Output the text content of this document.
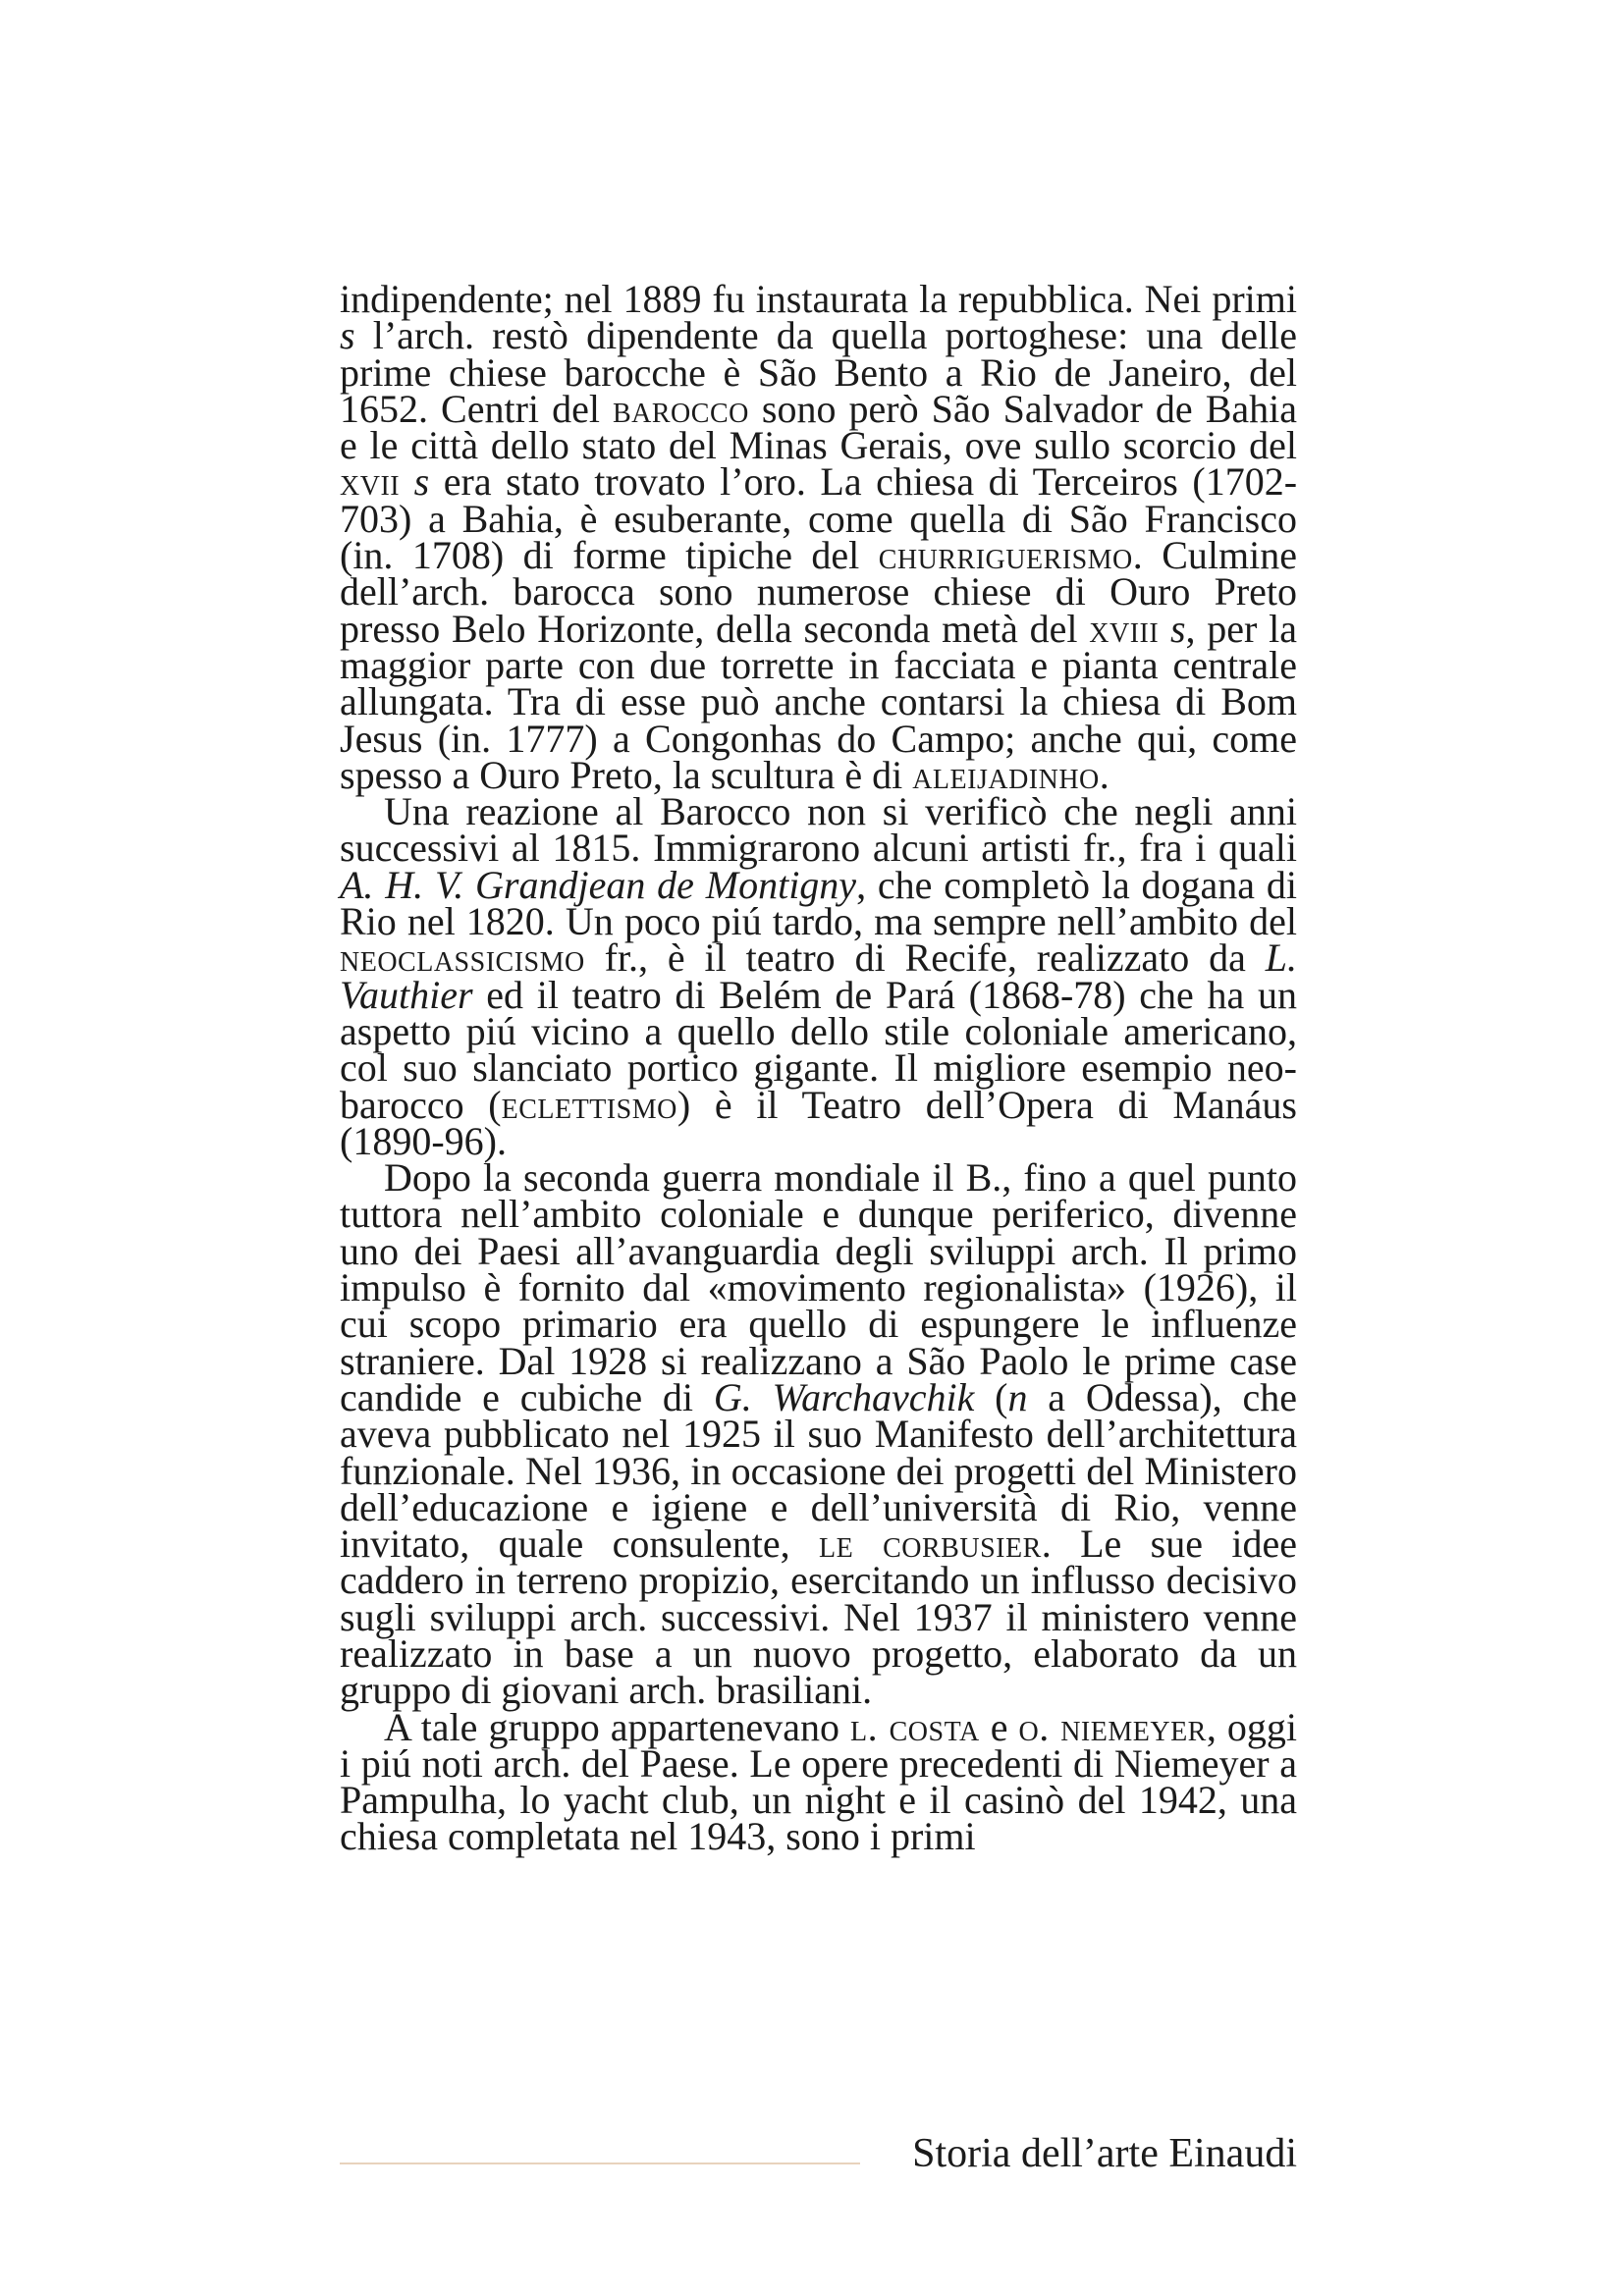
indipendente; nel 1889 fu instaurata la repubblica. Nei primi s l’arch. restò dipendente da quella portoghese: una delle prime chiese barocche è São Bento a Rio de Janeiro, del 1652. Centri del barocco sono però São Salvador de Bahia e le città dello stato del Minas Gerais, ove sullo scorcio del xvii s era stato trovato l’oro. La chiesa di Terceiros (1702-703) a Bahia, è esuberante, come quella di São Francisco (in. 1708) di forme tipiche del churriguerismo. Culmine dell’arch. barocca sono numerose chiese di Ouro Preto presso Belo Horizonte, della seconda metà del xviii s, per la maggior parte con due torrette in facciata e pianta centrale allungata. Tra di esse può anche contarsi la chiesa di Bom Jesus (in. 1777) a Congonhas do Campo; anche qui, come spesso a Ouro Preto, la scultura è di aleijadinho.

Una reazione al Barocco non si verificò che negli anni successivi al 1815. Immigrarono alcuni artisti fr., fra i quali A. H. V. Grandjean de Montigny, che completò la dogana di Rio nel 1820. Un poco piú tardo, ma sempre nell’ambito del neoclassicismo fr., è il teatro di Recife, realizzato da L. Vauthier ed il teatro di Belém de Pará (1868-78) che ha un aspetto piú vicino a quello dello stile coloniale americano, col suo slanciato portico gigante. Il migliore esempio neo-barocco (eclettismo) è il Teatro dell’Opera di Manáus (1890-96).

Dopo la seconda guerra mondiale il B., fino a quel punto tuttora nell’ambito coloniale e dunque periferico, divenne uno dei Paesi all’avanguardia degli sviluppi arch. Il primo impulso è fornito dal «movimento regionalista» (1926), il cui scopo primario era quello di espungere le influenze straniere. Dal 1928 si realizzano a São Paolo le prime case candide e cubiche di G. Warchavchik (n a Odessa), che aveva pubblicato nel 1925 il suo Manifesto dell’architettura funzionale. Nel 1936, in occasione dei progetti del Ministero dell’educazione e igiene e dell’università di Rio, venne invitato, quale consulente, le corbusier. Le sue idee caddero in terreno propizio, esercitando un influsso decisivo sugli sviluppi arch. successivi. Nel 1937 il ministero venne realizzato in base a un nuovo progetto, elaborato da un gruppo di giovani arch. brasiliani.

A tale gruppo appartenevano l. costa e o. niemeyer, oggi i piú noti arch. del Paese. Le opere precedenti di Niemeyer a Pampulha, lo yacht club, un night e il casinò del 1942, una chiesa completata nel 1943, sono i primi

Storia dell’arte Einaudi
